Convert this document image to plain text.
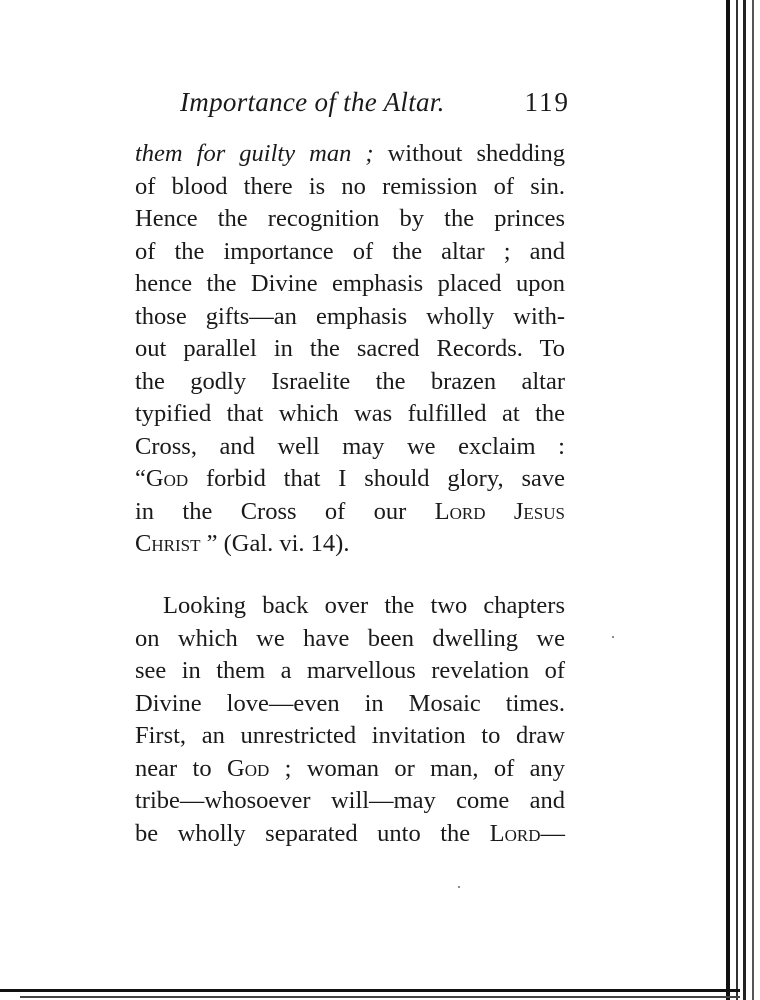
Importance of the Altar.	119
them for guilty man ; without shedding
of blood there is no remission of sin.
Hence the recognition by the princes
of the importance of the altar ; and
hence the Divine emphasis placed upon
those gifts—an emphasis wholly with-
out parallel in the sacred Records. To
the godly Israelite the brazen altar
typified that which was fulfilled at the
Cross, and well may we exclaim :
“God forbid that I should glory, save
in the Cross of our Lord Jesus
Christ ” (Gal. vi. 14).
Looking back over the two chapters
on which we have been dwelling we
see in them a marvellous revelation of
Divine love—even in Mosaic times.
First, an unrestricted invitation to draw
near to God ; woman or man, of any
tribe—whosoever will—may come and
be wholly separated unto the Lord—
